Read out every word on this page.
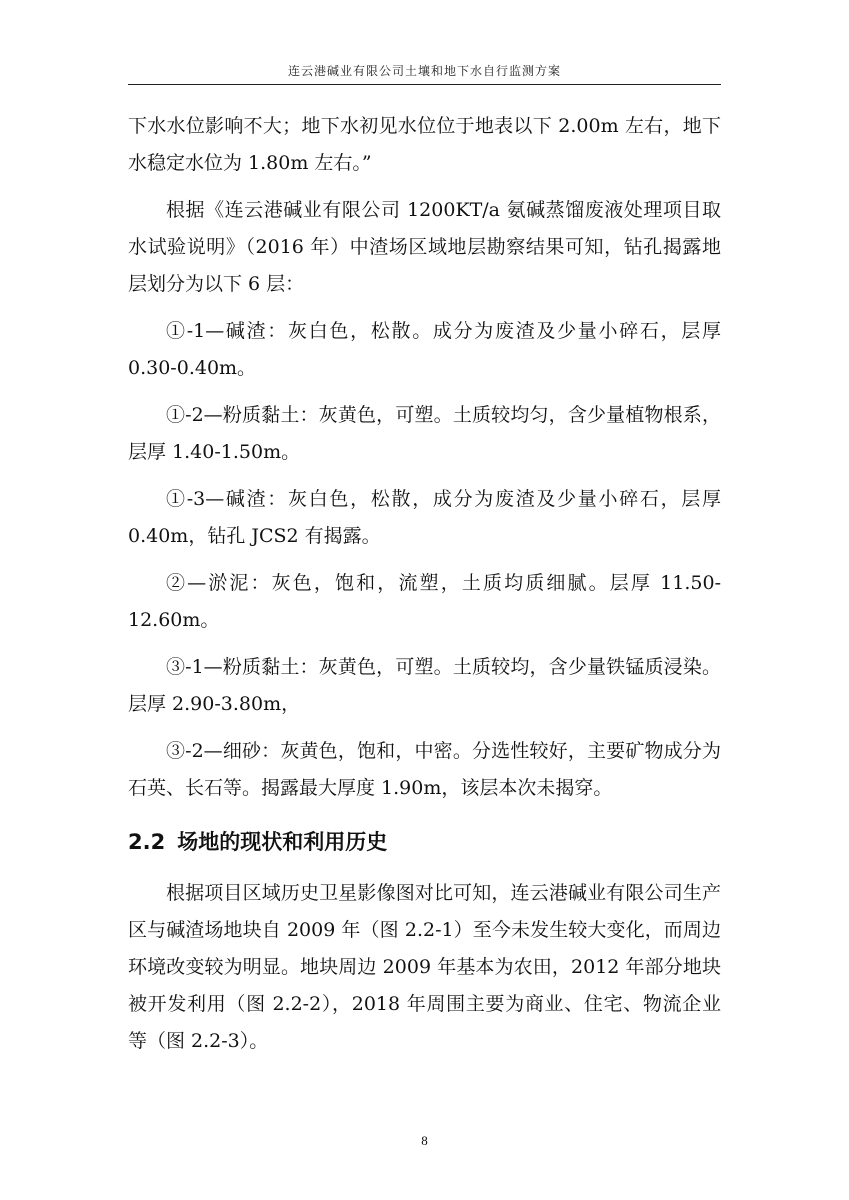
连云港碱业有限公司土壤和地下水自行监测方案

下水水位影响不大；地下水初见水位位于地表以下 2.00m 左右，地下水稳定水位为 1.80m 左右。”

根据《连云港碱业有限公司 1200KT/a 氨碱蒸馏废液处理项目取水试验说明》（2016 年）中渣场区域地层勘察结果可知，钻孔揭露地层划分为以下 6 层：

①-1—碱渣：灰白色，松散。成分为废渣及少量小碎石，层厚 0.30-0.40m。

①-2—粉质黏土：灰黄色，可塑。土质较均匀，含少量植物根系，层厚 1.40-1.50m。

①-3—碱渣：灰白色，松散，成分为废渣及少量小碎石，层厚 0.40m，钻孔 JCS2 有揭露。

②—淤泥：灰色，饱和，流塑，土质均质细腻。层厚 11.50-12.60m。

③-1—粉质黏土：灰黄色，可塑。土质较均，含少量铁锰质浸染。层厚 2.90-3.80m，

③-2—细砂：灰黄色，饱和，中密。分选性较好，主要矿物成分为石英、长石等。揭露最大厚度 1.90m，该层本次未揭穿。

2.2 场地的现状和利用历史

根据项目区域历史卫星影像图对比可知，连云港碱业有限公司生产区与碱渣场地块自 2009 年（图 2.2-1）至今未发生较大变化，而周边环境改变较为明显。地块周边 2009 年基本为农田，2012 年部分地块被开发利用（图 2.2-2），2018 年周围主要为商业、住宅、物流企业等（图 2.2-3）。

8
